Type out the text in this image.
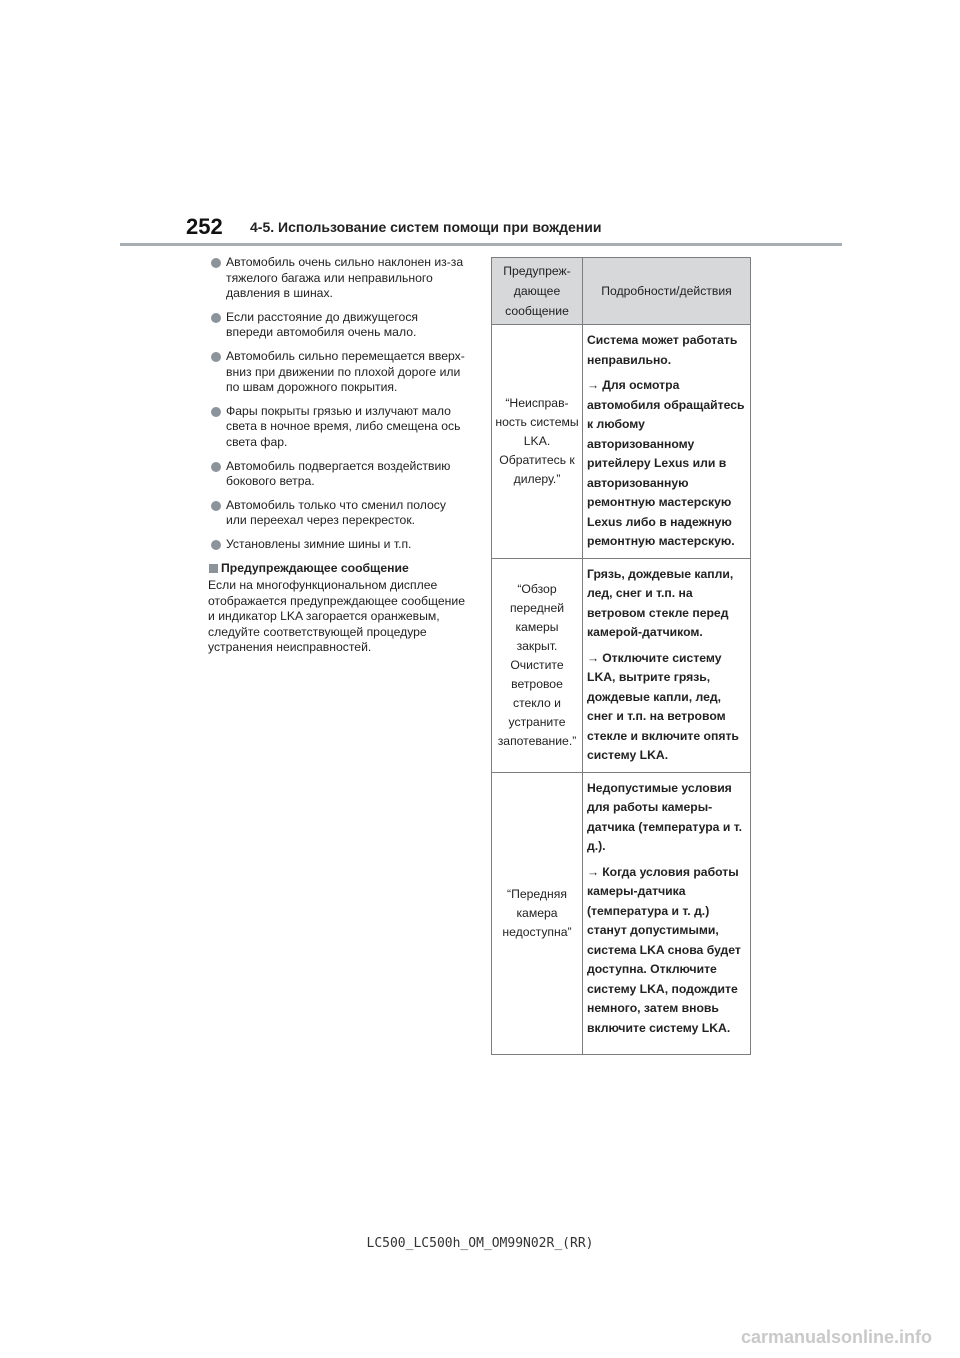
252 4-5. Использование систем помощи при вождении
Автомобиль очень сильно наклонен из-за тяжелого багажа или неправильного давления в шинах.
Если расстояние до движущегося впереди автомобиля очень мало.
Автомобиль сильно перемещается вверх-вниз при движении по плохой дороге или по швам дорожного покрытия.
Фары покрыты грязью и излучают мало света в ночное время, либо смещена ось света фар.
Автомобиль подвергается воздействию бокового ветра.
Автомобиль только что сменил полосу или переехал через перекресток.
Установлены зимние шины и т.п.
Предупреждающее сообщение
Если на многофункциональном дисплее отображается предупреждающее сообщение и индикатор LKA загорается оранжевым, следуйте соответствующей процедуре устранения неисправностей.
Предупреж-дающее сообщение	Подробности/действия
“Неисправ-ность системы LKA. Обратитесь к дилеру.”	Система может работать неправильно.

→ Для осмотра автомобиля обращайтесь к любому авторизованному ритейлеру Lexus или в авторизованную ремонтную мастерскую Lexus либо в надежную ремонтную мастерскую.

“Обзор передней камеры закрыт. Очистите ветровое стекло и устраните запотевание.”	Грязь, дождевые капли, лед, снег и т.п. на ветровом стекле перед камерой-датчиком.

→ Отключите систему LKA, вытрите грязь, дождевые капли, лед, снег и т.п. на ветровом стекле и включите опять систему LKA.

“Передняя камера недоступна”	Недопустимые условия для работы камеры-датчика (температура и т. д.).

→ Когда условия работы камеры-датчика (температура и т. д.) станут допустимыми, система LKA снова будет доступна. Отключите систему LKA, подождите немного, затем вновь включите систему LKA.

LC500_LC500h_OM_OM99N02R_(RR)
carmanualsonline.info
